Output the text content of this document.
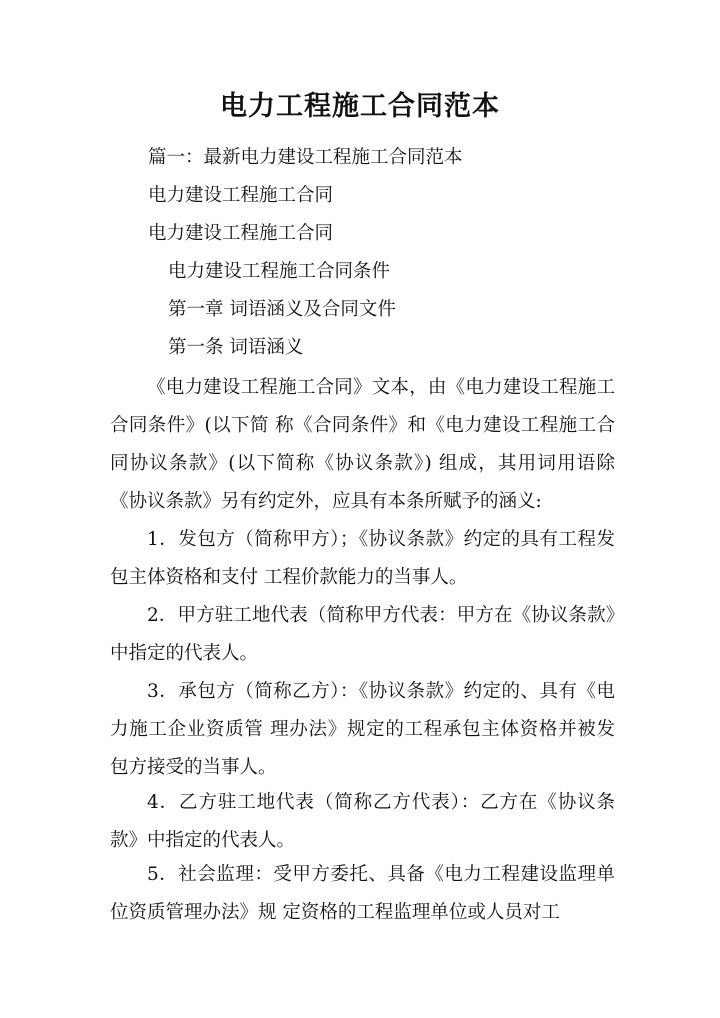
电力工程施工合同范本

篇一：最新电力建设工程施工合同范本

电力建设工程施工合同

电力建设工程施工合同

电力建设工程施工合同条件

第一章 词语涵义及合同文件

第一条 词语涵义

《电力建设工程施工合同》文本，由《电力建设工程施工合同条件》(以下简 称《合同条件》和《电力建设工程施工合同协议条款》(以下简称《协议条款》) 组成，其用词用语除《协议条款》另有约定外，应具有本条所赋予的涵义:

1．发包方（简称甲方）；《协议条款》约定的具有工程发包主体资格和支付 工程价款能力的当事人。

2．甲方驻工地代表（简称甲方代表：甲方在《协议条款》中指定的代表人。

3．承包方（简称乙方）：《协议条款》约定的、具有《电力施工企业资质管 理办法》规定的工程承包主体资格并被发包方接受的当事人。

4．乙方驻工地代表（简称乙方代表）：乙方在《协议条款》中指定的代表人。

5．社会监理：受甲方委托、具备《电力工程建设监理单位资质管理办法》规 定资格的工程监理单位或人员对工
